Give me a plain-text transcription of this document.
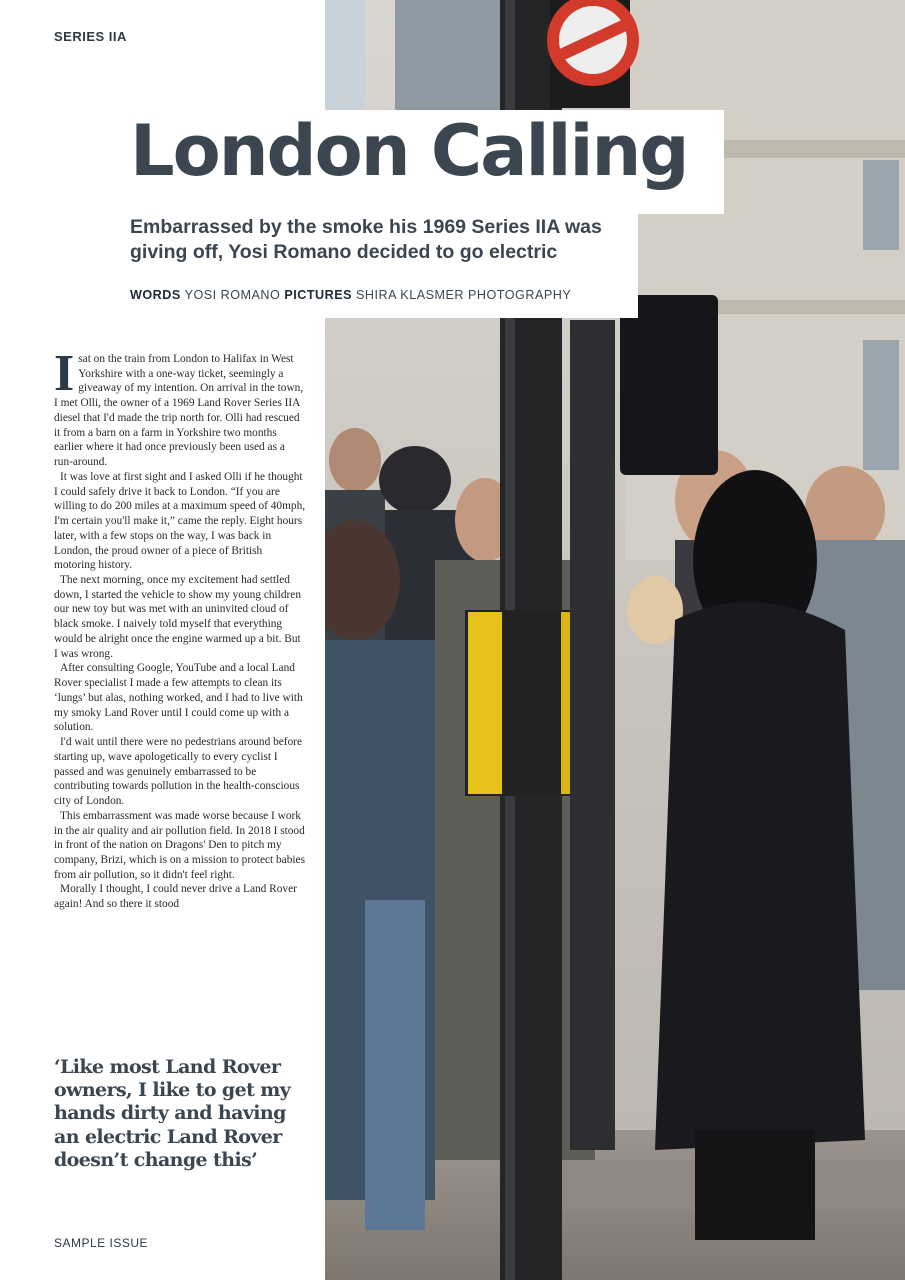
SERIES IIA
London Calling
Embarrassed by the smoke his 1969 Series IIA was giving off, Yosi Romano decided to go electric
WORDS YOSI ROMANO PICTURES SHIRA KLASMER PHOTOGRAPHY

Isat on the train from London to Halifax in West Yorkshire with a one-way ticket, seemingly a giveaway of my intention. On arrival in the town, I met Olli, the owner of a 1969 Land Rover Series IIA diesel that I'd made the trip north for. Olli had rescued it from a barn on a farm in Yorkshire two months earlier where it had once previously been used as a run-around.

It was love at first sight and I asked Olli if he thought I could safely drive it back to London. “If you are willing to do 200 miles at a maximum speed of 40mph, I'm certain you'll make it,” came the reply. Eight hours later, with a few stops on the way, I was back in London, the proud owner of a piece of British motoring history.

The next morning, once my excitement had settled down, I started the vehicle to show my young children our new toy but was met with an uninvited cloud of black smoke. I naively told myself that everything would be alright once the engine warmed up a bit. But I was wrong.

After consulting Google, YouTube and a local Land Rover specialist I made a few attempts to clean its ‘lungs’ but alas, nothing worked, and I had to live with my smoky Land Rover until I could come up with a solution.

I'd wait until there were no pedestrians around before starting up, wave apologetically to every cyclist I passed and was genuinely embarrassed to be contributing towards pollution in the health-conscious city of London.

This embarrassment was made worse because I work in the air quality and air pollution field. In 2018 I stood in front of the nation on Dragons' Den to pitch my company, Brizi, which is on a mission to protect babies from air pollution, so it didn't feel right.

Morally I thought, I could never drive a Land Rover again! And so there it stood

‘Like most Land Rover owners, I like to get my hands dirty and having an electric Land Rover doesn’t change this’
SAMPLE ISSUE
